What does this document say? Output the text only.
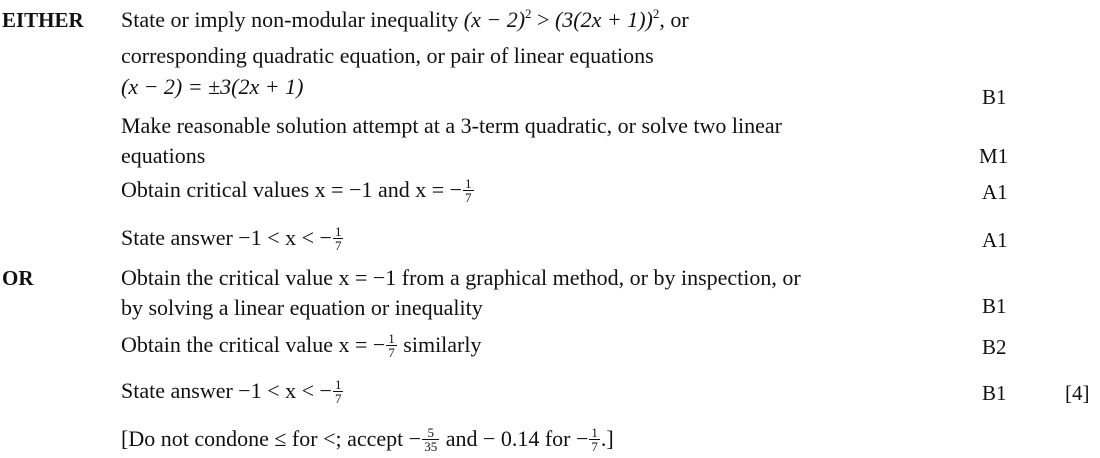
EITHER
OR
State or imply non-modular inequality $(x - 2)^2 > (3(2x + 1))^2$, or
corresponding quadratic equation, or pair of linear equations
(x − 2) = ±3(2x + 1)
Make reasonable solution attempt at a 3-term quadratic, or solve two linear
equations
Obtain critical values x = −1 and x = − $\frac{1}{7}$
State answer −1 < x < − $\frac{1}{7}$
Obtain the critical value x = −1 from a graphical method, or by inspection, or
by solving a linear equation or inequality
Obtain the critical value x = − $\frac{1}{7}$ similarly
State answer −1 < x < − $\frac{1}{7}$
[Do not condone ≤ for <; accept − $\frac{5}{35}$ and − 0.14 for − $\frac{1}{7}$ .]
B1
M1
A1
A1
B1
B2
B1	[4]
